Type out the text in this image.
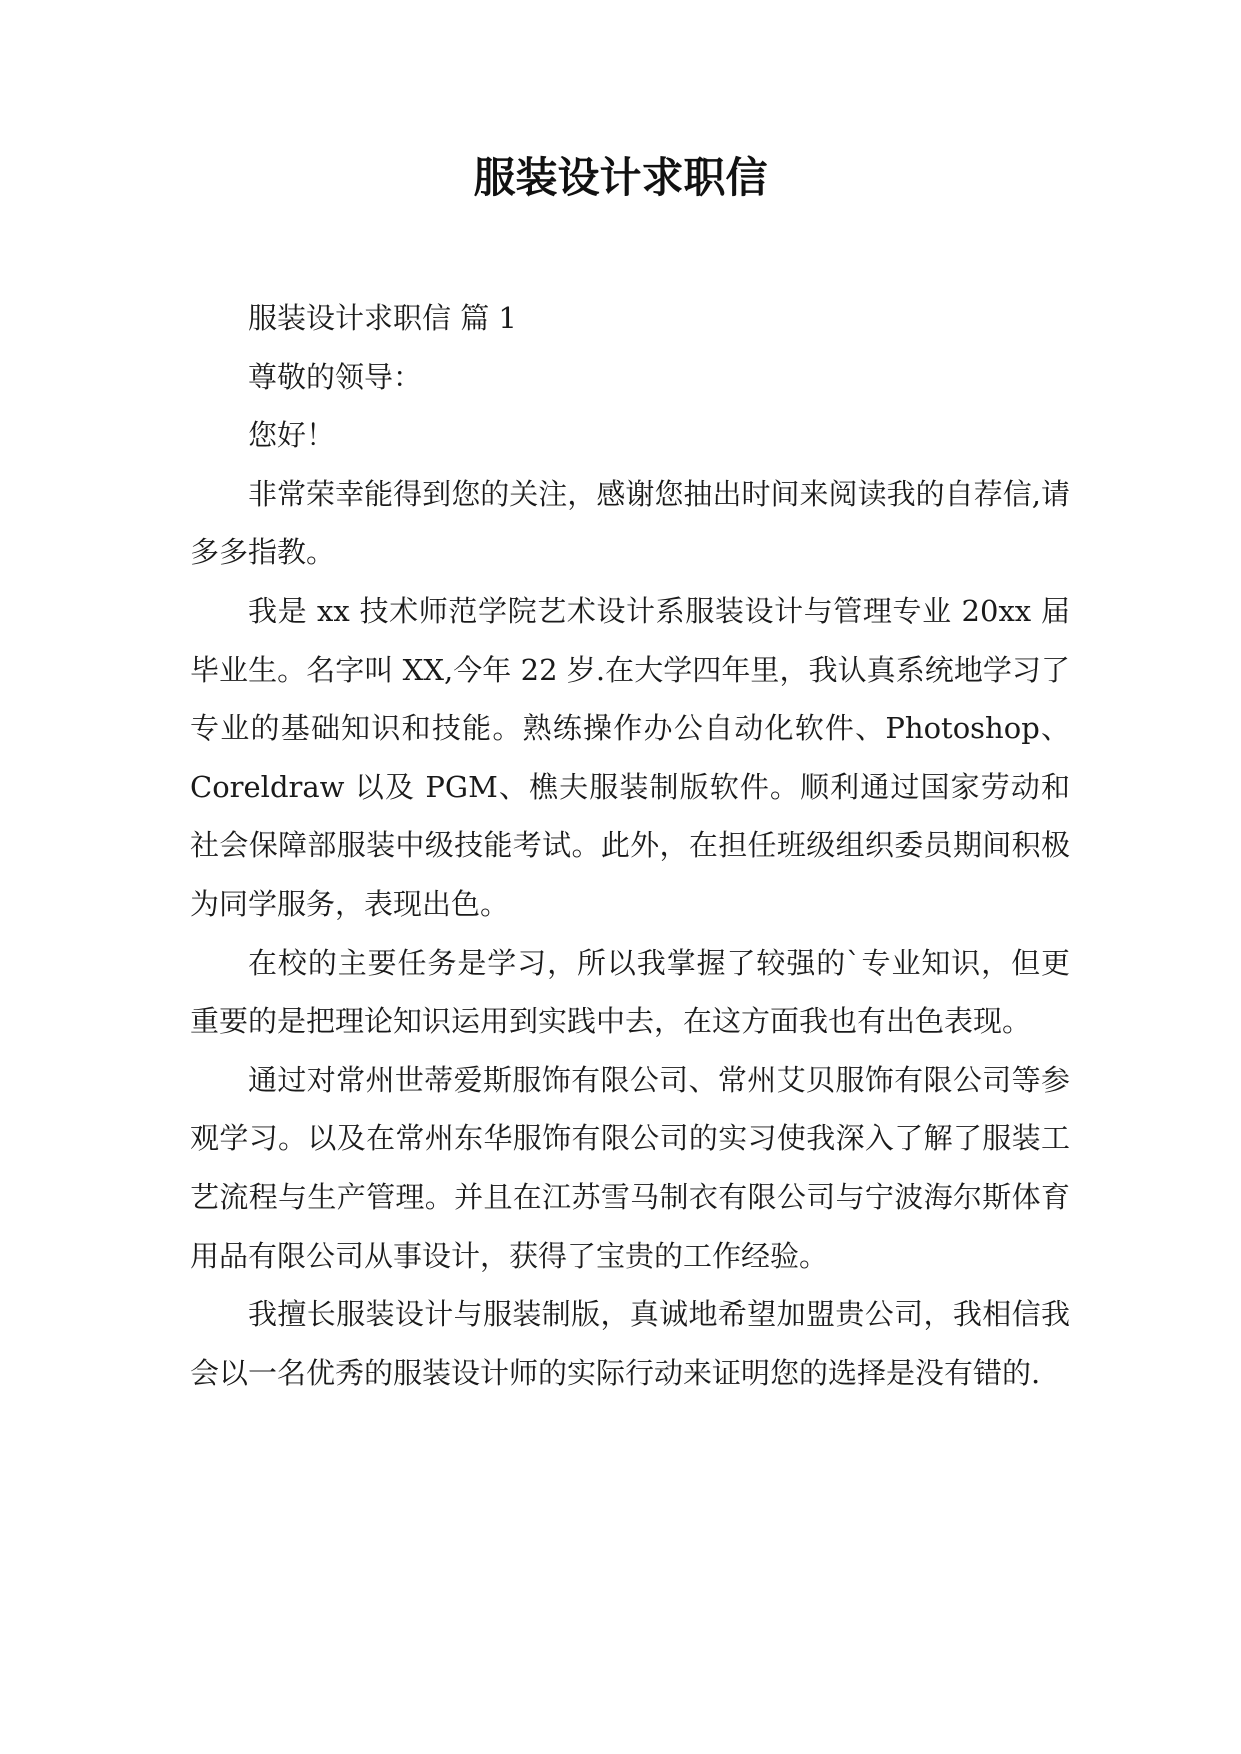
服装设计求职信

服装设计求职信 篇 1

尊敬的领导：

您好！

非常荣幸能得到您的关注，感谢您抽出时间来阅读我的自荐信,请多多指教。

我是 xx 技术师范学院艺术设计系服装设计与管理专业 20xx 届毕业生。名字叫 XX,今年 22 岁.在大学四年里，我认真系统地学习了专业的基础知识和技能。熟练操作办公自动化软件、Photoshop、Coreldraw 以及 PGM、樵夫服装制版软件。顺利通过国家劳动和社会保障部服装中级技能考试。此外，在担任班级组织委员期间积极为同学服务，表现出色。

在校的主要任务是学习，所以我掌握了较强的`专业知识，但更重要的是把理论知识运用到实践中去，在这方面我也有出色表现。

通过对常州世蒂爱斯服饰有限公司、常州艾贝服饰有限公司等参观学习。以及在常州东华服饰有限公司的实习使我深入了解了服装工艺流程与生产管理。并且在江苏雪马制衣有限公司与宁波海尔斯体育用品有限公司从事设计，获得了宝贵的工作经验。

我擅长服装设计与服装制版，真诚地希望加盟贵公司，我相信我会以一名优秀的服装设计师的实际行动来证明您的选择是没有错的.
